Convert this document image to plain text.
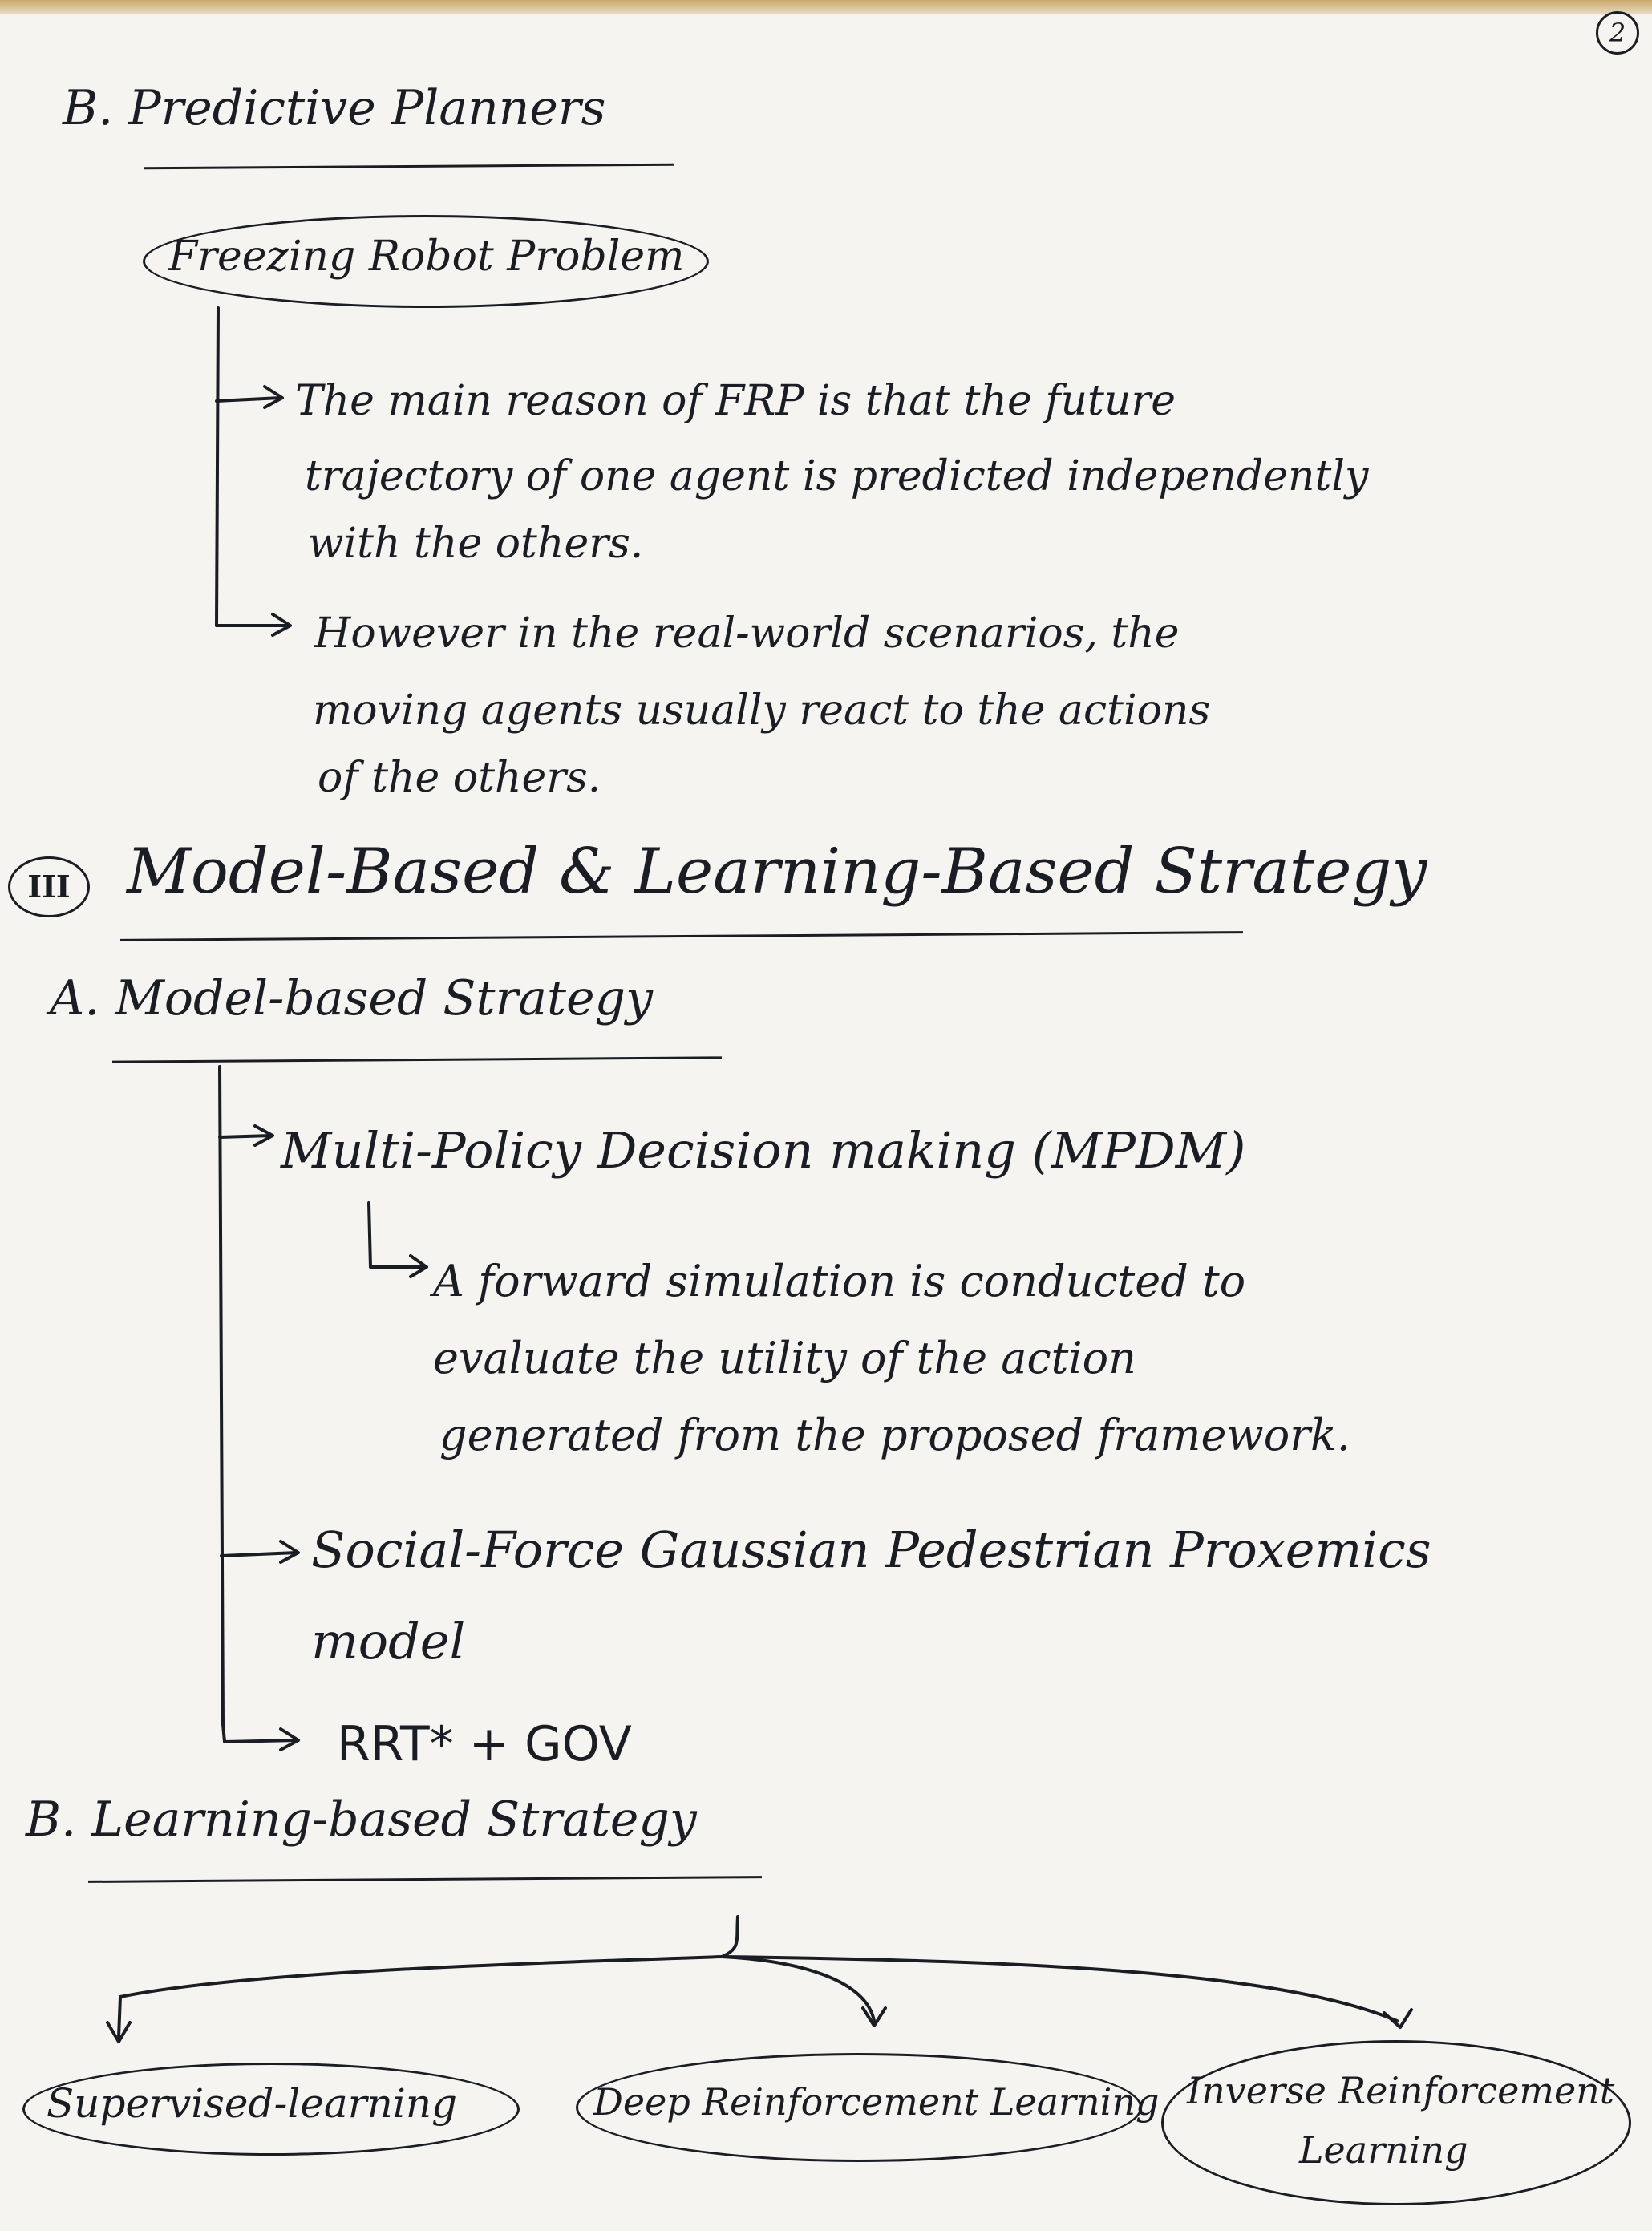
2
B. Predictive Planners
Freezing Robot Problem
The main reason of FRP is that the future
trajectory of one agent is predicted independently
with the others.
However in the real-world scenarios, the
moving agents usually react to the actions
of the others.
III Model-Based & Learning-Based Strategy
A. Model-based Strategy
Multi-Policy Decision making (MPDM)
A forward simulation is conducted to
evaluate the utility of the action
generated from the proposed framework.
Social-Force Gaussian Pedestrian Proxemics
model
RRT* + GOV
B. Learning-based Strategy
Supervised-learning	Deep Reinforcement Learning Inverse Reinforcement
Learning
